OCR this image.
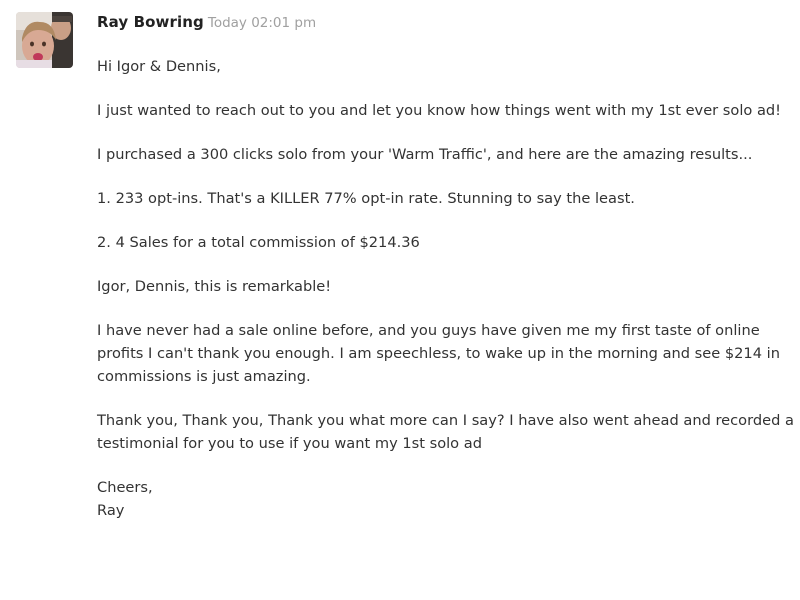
Ray Bowring Today 02:01 pm

Hi Igor & Dennis,

I just wanted to reach out to you and let you know how things went with my 1st ever solo ad!

I purchased a 300 clicks solo from your 'Warm Traffic', and here are the amazing results...

1. 233 opt-ins. That's a KILLER 77% opt-in rate. Stunning to say the least.

2. 4 Sales for a total commission of $214.36

Igor, Dennis, this is remarkable!

I have never had a sale online before, and you guys have given me my first taste of online profits I can't thank you enough. I am speechless, to wake up in the morning and see $214 in commissions is just amazing.

Thank you, Thank you, Thank you what more can I say? I have also went ahead and recorded a testimonial for you to use if you want my 1st solo ad

Cheers,
Ray
